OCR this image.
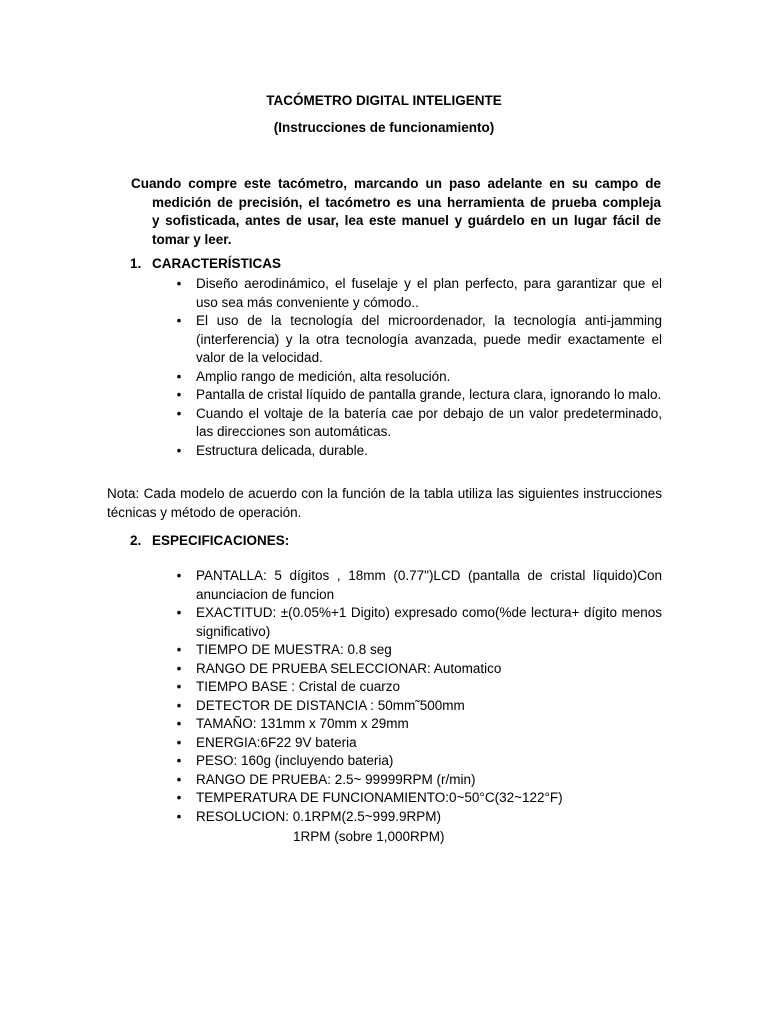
TACÓMETRO DIGITAL INTELIGENTE
(Instrucciones de funcionamiento)
Cuando compre este tacómetro, marcando un paso adelante en su campo de
medición de precisión, el tacómetro es una herramienta de prueba compleja
y sofisticada, antes de usar, lea este manuel y guárdelo en un lugar fácil de
tomar y leer.
1. CARACTERÍSTICAS
• Diseño aerodinámico, el fuselaje y el plan perfecto, para garantizar que el uso sea más conveniente y cómodo..
• El uso de la tecnología del microordenador, la tecnología anti-jamming (interferencia) y la otra tecnología avanzada, puede medir exactamente el valor de la velocidad.
• Amplio rango de medición, alta resolución.
• Pantalla de cristal líquido de pantalla grande, lectura clara, ignorando lo malo.
• Cuando el voltaje de la batería cae por debajo de un valor predeterminado, las direcciones son automáticas.
• Estructura delicada, durable.
Nota: Cada modelo de acuerdo con la función de la tabla utiliza las siguientes instrucciones técnicas y método de operación.
2. ESPECIFICACIONES:
• PANTALLA: 5 dígitos , 18mm (0.77")LCD (pantalla de cristal líquido)Con anunciacion de funcion
• EXACTITUD: ±(0.05%+1 Digito) expresado como(%de lectura+ dígito menos significativo)
• TIEMPO DE MUESTRA: 0.8 seg
• RANGO DE PRUEBA SELECCIONAR: Automatico
• TIEMPO BASE : Cristal de cuarzo
• DETECTOR DE DISTANCIA : 50mm˜500mm
• TAMAÑO: 131mm x 70mm x 29mm
• ENERGIA:6F22 9V bateria
• PESO: 160g (incluyendo bateria)
• RANGO DE PRUEBA: 2.5~ 99999RPM (r/min)
• TEMPERATURA DE FUNCIONAMIENTO:0~50°C(32~122°F)
• RESOLUCION: 0.1RPM(2.5~999.9RPM)
1RPM (sobre 1,000RPM)
